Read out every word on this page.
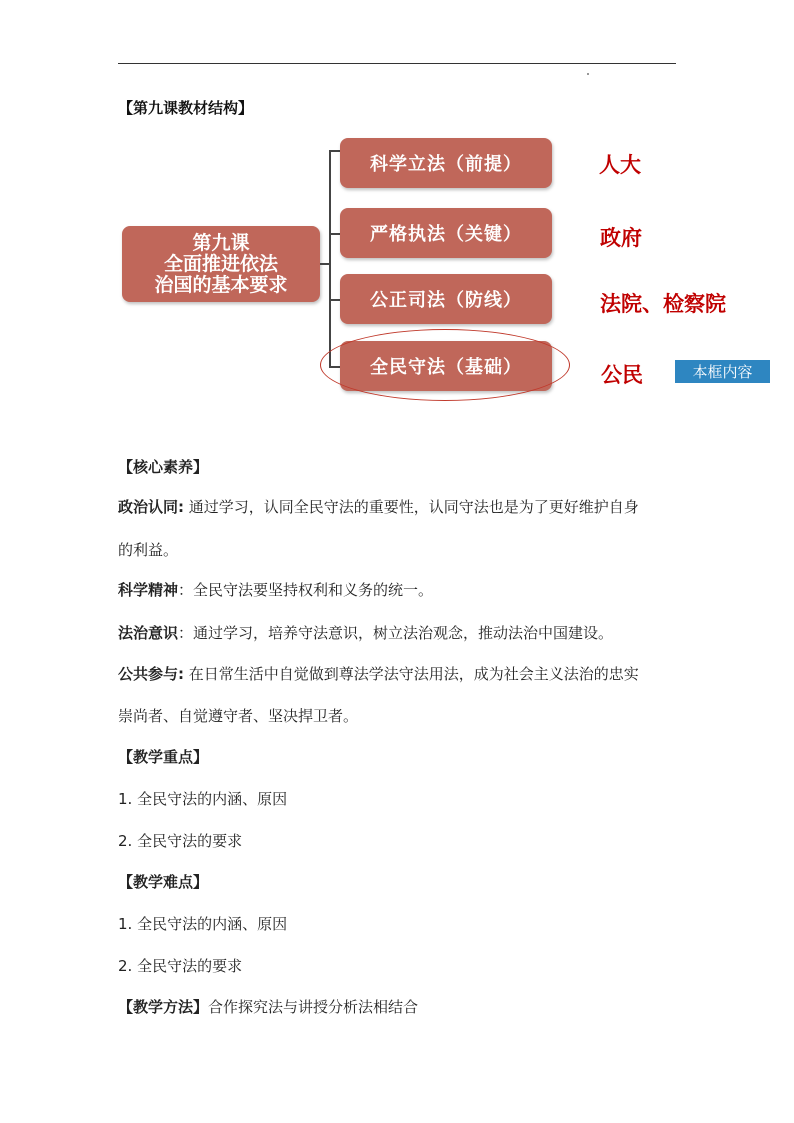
【第九课教材结构】
第九课
全面推进依法
治国的基本要求
科学立法（前提）
严格执法（关键）
公正司法（防线）
全民守法（基础）
人大
政府
法院、检察院
公民	本框内容
【核心素养】
政治认同: 通过学习，认同全民守法的重要性，认同守法也是为了更好维护自身
的利益。
科学精神：全民守法要坚持权利和义务的统一。
法治意识：通过学习，培养守法意识，树立法治观念，推动法治中国建设。
公共参与: 在日常生活中自觉做到尊法学法守法用法，成为社会主义法治的忠实
崇尚者、自觉遵守者、坚决捍卫者。
【教学重点】
1. 全民守法的内涵、原因
2. 全民守法的要求
【教学难点】
1. 全民守法的内涵、原因
2. 全民守法的要求
【教学方法】合作探究法与讲授分析法相结合
